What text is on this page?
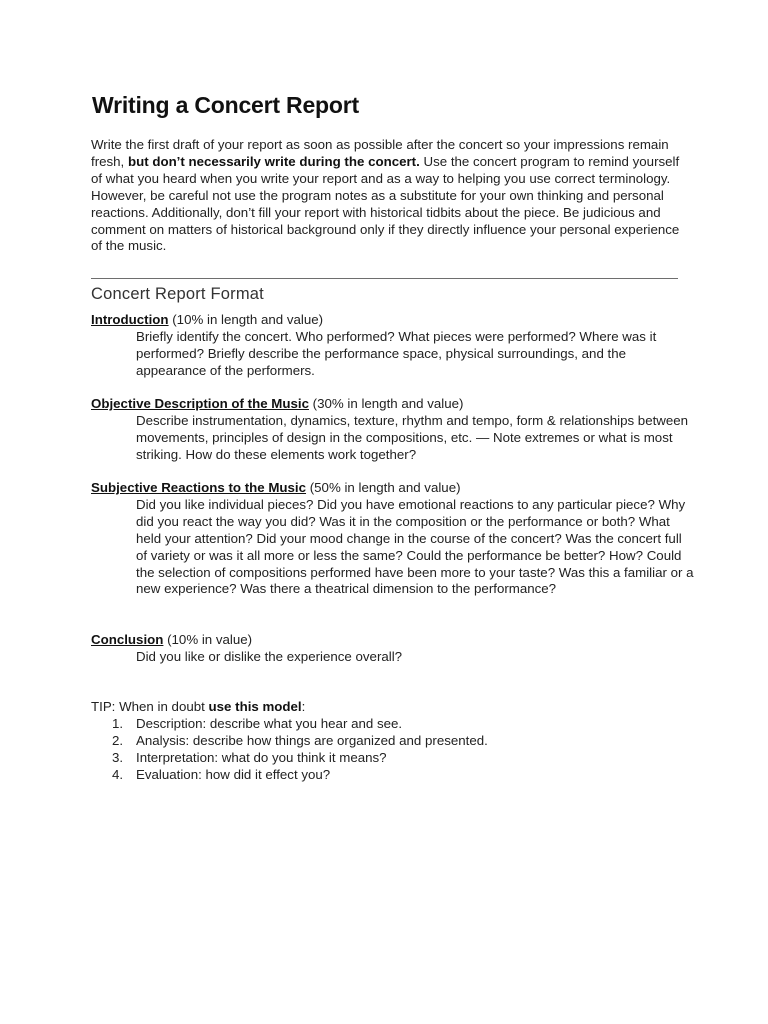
Writing a Concert Report

Write the first draft of your report as soon as possible after the concert so your impressions remain fresh, but don’t necessarily write during the concert. Use the concert program to remind yourself of what you heard when you write your report and as a way to helping you use correct terminology. However, be careful not use the program notes as a substitute for your own thinking and personal reactions. Additionally, don’t fill your report with historical tidbits about the piece. Be judicious and comment on matters of historical background only if they directly influence your personal experience of the music.

Concert Report Format
Introduction (10% in length and value)
Briefly identify the concert. Who performed? What pieces were performed? Where was it performed? Briefly describe the performance space, physical surroundings, and the appearance of the performers.
Objective Description of the Music (30% in length and value)
Describe instrumentation, dynamics, texture, rhythm and tempo, form & relationships between movements, principles of design in the compositions, etc. — Note extremes or what is most striking. How do these elements work together?
Subjective Reactions to the Music (50% in length and value)
Did you like individual pieces? Did you have emotional reactions to any particular piece? Why did you react the way you did? Was it in the composition or the performance or both? What held your attention? Did your mood change in the course of the concert? Was the concert full of variety or was it all more or less the same? Could the performance be better? How? Could the selection of compositions performed have been more to your taste? Was this a familiar or a new experience? Was there a theatrical dimension to the performance?
Conclusion (10% in value)
Did you like or dislike the experience overall?
TIP: When in doubt use this model:
1. Description: describe what you hear and see.
2. Analysis: describe how things are organized and presented.
3. Interpretation: what do you think it means?
4. Evaluation: how did it effect you?
